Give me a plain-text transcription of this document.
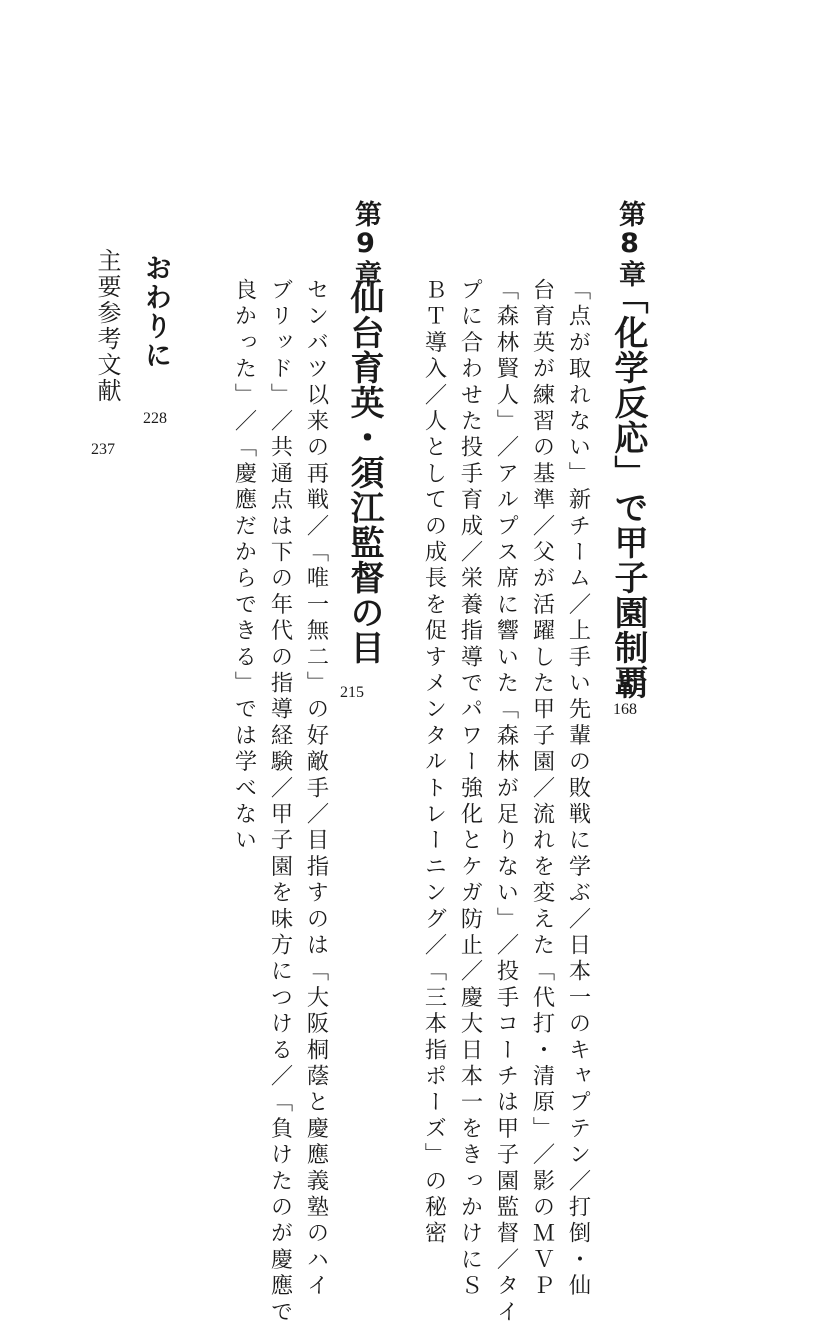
第8章
「化学反応」で甲子園制覇
168
「点が取れない」新チーム／上手い先輩の敗戦に学ぶ／日本一のキャプテン／打倒・仙
台育英が練習の基準／父が活躍した甲子園／流れを変えた「代打・清原」／影のＭＶＰ
「森林賢人」／アルプス席に響いた「森林が足りない」／投手コーチは甲子園監督／タイ
プに合わせた投手育成／栄養指導でパワー強化とケガ防止／慶大日本一をきっかけにＳ
ＢＴ導入／人としての成長を促すメンタルトレーニング／「三本指ポーズ」の秘密
第9章
仙台育英・須江監督の目
215
センバツ以来の再戦／「唯一無二」の好敵手／目指すのは「大阪桐蔭と慶應義塾のハイ
ブリッド」／共通点は下の年代の指導経験／甲子園を味方につける／「負けたのが慶應で
良かった」／「慶應だからできる」では学べない
おわりに
228
主要参考文献
237
